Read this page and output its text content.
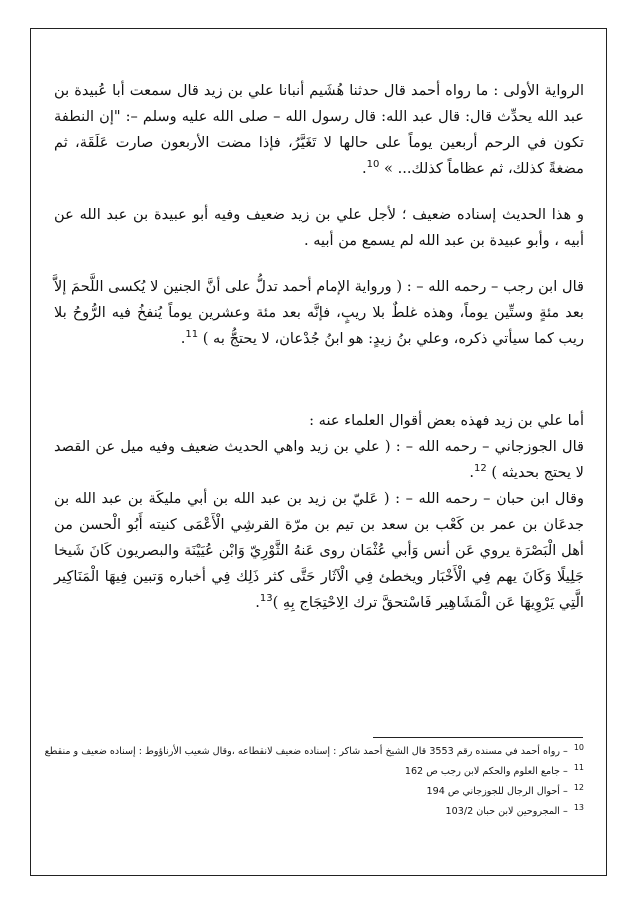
الرواية الأولى : ما رواه أحمد قال حدثنا هُشَيم أنبانا علي بن زيد قال سمعت أبا عُبيدة بن عبد الله يحدِّث قال: قال عبد الله: قال رسول الله – صلى الله عليه وسلم –: "إن النطفة تكون في الرحم أربعين يوماً على حالها لا تَغَيَّرُ، فإذا مضت الأربعون صارت عَلَقَة، ثم مضغةً كذلك، ثم عظاماً كذلك... » $^{10}$.

و هذا الحديث إسناده ضعيف ؛ لأجل علي بن زيد ضعيف وفيه أبو عبيدة بن عبد الله عن أبيه ، وأبو عبيدة بن عبد الله لم يسمع من أبيه .

قال ابن رجب – رحمه الله – : ( ورواية الإمام أحمد تدلُّ على أنَّ الجنين لا يُكسى اللَّحمَ إلاَّ بعد مئةٍ وستِّين يوماً، وهذه غلطٌ بلا ريبٍ، فإنَّه بعد مئة وعشرين يوماً يُنفخُ فيه الرُّوحُ بلا ريب كما سيأتي ذكره، وعلي بنُ زيدٍ: هو ابنُ جُدْعان، لا يحتجُّ به ) $^{11}$.

أما علي بن زيد فهذه بعض أقوال العلماء عنه :

قال الجوزجاني – رحمه الله – : ( علي بن زيد واهي الحديث ضعيف وفيه ميل عن القصد لا يحتج بحديثه ) $^{12}$.

وقال ابن حبان – رحمه الله – : ( عَليّ بن زيد بن عبد الله بن أبي مليكَة بن عبد الله بن جدعَان بن عمر بن كَعْب بن سعد بن تيم بن مرّة القرشِي الْأَعْمَى كنيته أَبُو الْحسن من أهل الْبَصْرَة يروي عَن أنس وَأبي عُثْمَان روى عَنهُ الثَّوْرِيّ وَابْن عُيَيْنَة والبصريون كَانَ شَيخا جَلِيلًا وَكَانَ يهم فِي الْأَخْبَار ويخطئ فِي الْآثَار حَتَّى كثر ذَلِك فِي أخباره وَتبين فِيهَا الْمَنَاكِير الَّتِي يَرْوِيهَا عَن الْمَشَاهِير فَاسْتحقَّ ترك الِاحْتِجَاج بِهِ )$^{13}$.

$^{10}$– رواه أحمد في مسنده رقم 3553 قال الشيخ أحمد شاكر : إسناده ضعيف لانقطاعه ،وقال شعيب الأرناؤوط : إسناده ضعيف و منقطع

$^{11}$– جامع العلوم والحكم لابن رجب ص 162

$^{12}$– أحوال الرجال للجوزجاني ص 194

$^{13}$– المجروحين لابن حبان 103/2
